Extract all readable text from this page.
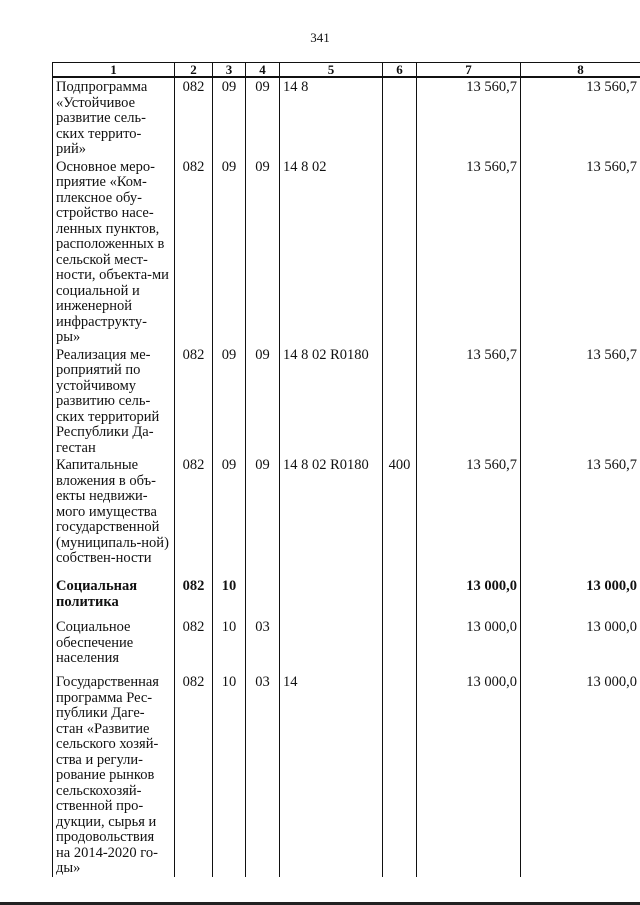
341
1	2	3	4	5	6	7	8
Подпрограмма «Устойчивое развитие сель-ских террито-рий»	082	09	09	14 8		13 560,7	13 560,7
Основное меро-приятие «Ком-плексное обу-стройство насе-ленных пунктов, расположенных в сельской мест-ности, объекта-ми социальной и инженерной инфраструкту-ры»	082	09	09	14 8 02		13 560,7	13 560,7
Реализация ме-роприятий по устойчивому развитию сель-ских территорий Республики Да-гестан	082	09	09	14 8 02 R0180		13 560,7	13 560,7
Капитальные вложения в объ-екты недвижи-мого имущества государственной (муниципаль-ной) собствен-ности	082	09	09	14 8 02 R0180	400	13 560,7	13 560,7
Социальная политика	082	10				13 000,0	13 000,0
Социальное обеспечение населения	082	10	03			13 000,0	13 000,0
Государственная программа Рес-публики Даге-стан «Развитие сельского хозяй-ства и регули-рование рынков сельскохозяй-ственной про-дукции, сырья и продовольствия на 2014-2020 го-ды»	082	10	03	14		13 000,0	13 000,0
